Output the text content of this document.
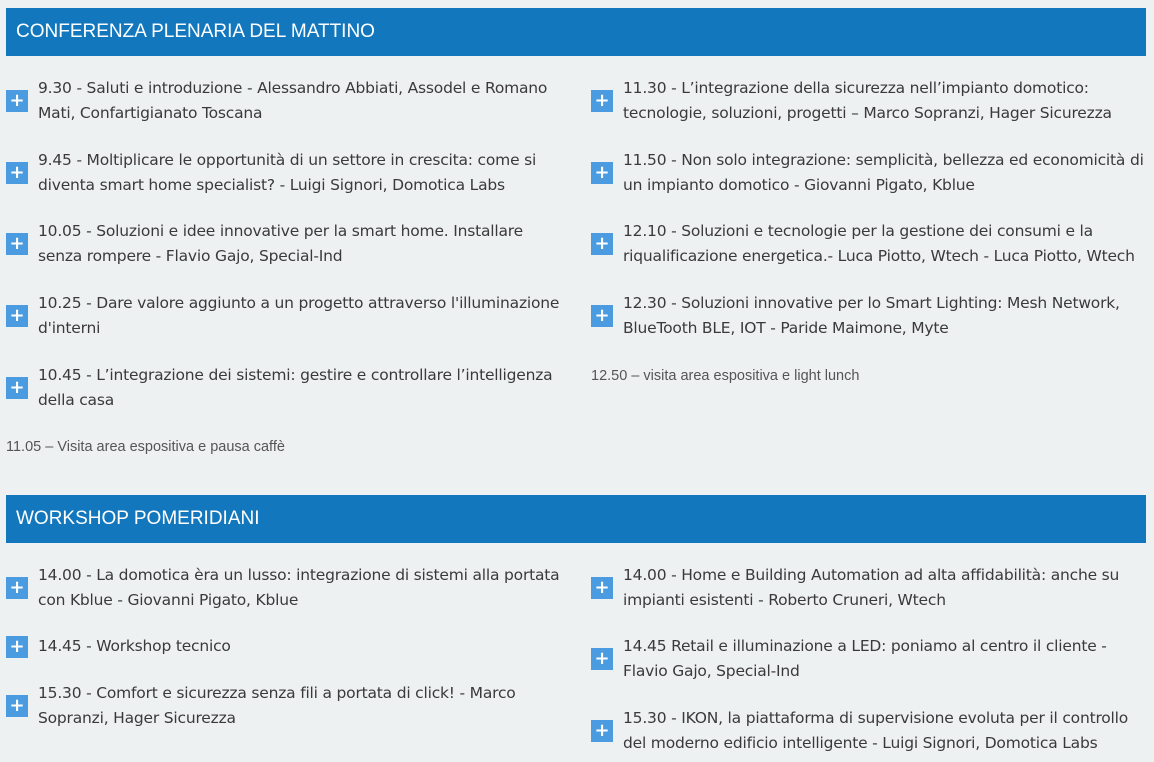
CONFERENZA PLENARIA DEL MATTINO
+
9.30 - Saluti e introduzione - Alessandro Abbiati, Assodel e Romano Mati, Confartigianato Toscana
+
9.45 - Moltiplicare le opportunità di un settore in crescita: come si diventa smart home specialist? - Luigi Signori, Domotica Labs
+
10.05 - Soluzioni e idee innovative per la smart home. Installare senza rompere - Flavio Gajo, Special-Ind
+
10.25 - Dare valore aggiunto a un progetto attraverso l'illuminazione d'interni
+
10.45 - L’integrazione dei sistemi: gestire e controllare l’intelligenza della casa
11.05 – Visita area espositiva e pausa caffè
+
11.30 - L’integrazione della sicurezza nell’impianto domotico: tecnologie, soluzioni, progetti – Marco Sopranzi, Hager Sicurezza
+
11.50 - Non solo integrazione: semplicità, bellezza ed economicità di un impianto domotico - Giovanni Pigato, Kblue
+
12.10 - Soluzioni e tecnologie per la gestione dei consumi e la riqualificazione energetica.- Luca Piotto, Wtech - Luca Piotto, Wtech
+
12.30 - Soluzioni innovative per lo Smart Lighting: Mesh Network, BlueTooth BLE, IOT - Paride Maimone, Myte
12.50 – visita area espositiva e light lunch
WORKSHOP POMERIDIANI
+
14.00 - La domotica èra un lusso: integrazione di sistemi alla portata con Kblue - Giovanni Pigato, Kblue
+ 14.45 - Workshop tecnico
+
15.30 - Comfort e sicurezza senza fili a portata di click! - Marco Sopranzi, Hager Sicurezza
+
14.00 - Home e Building Automation ad alta affidabilità: anche su impianti esistenti - Roberto Cruneri, Wtech
+
14.45 Retail e illuminazione a LED: poniamo al centro il cliente - Flavio Gajo, Special-Ind
+
15.30 - IKON, la piattaforma di supervisione evoluta per il controllo del moderno edificio intelligente - Luigi Signori, Domotica Labs
